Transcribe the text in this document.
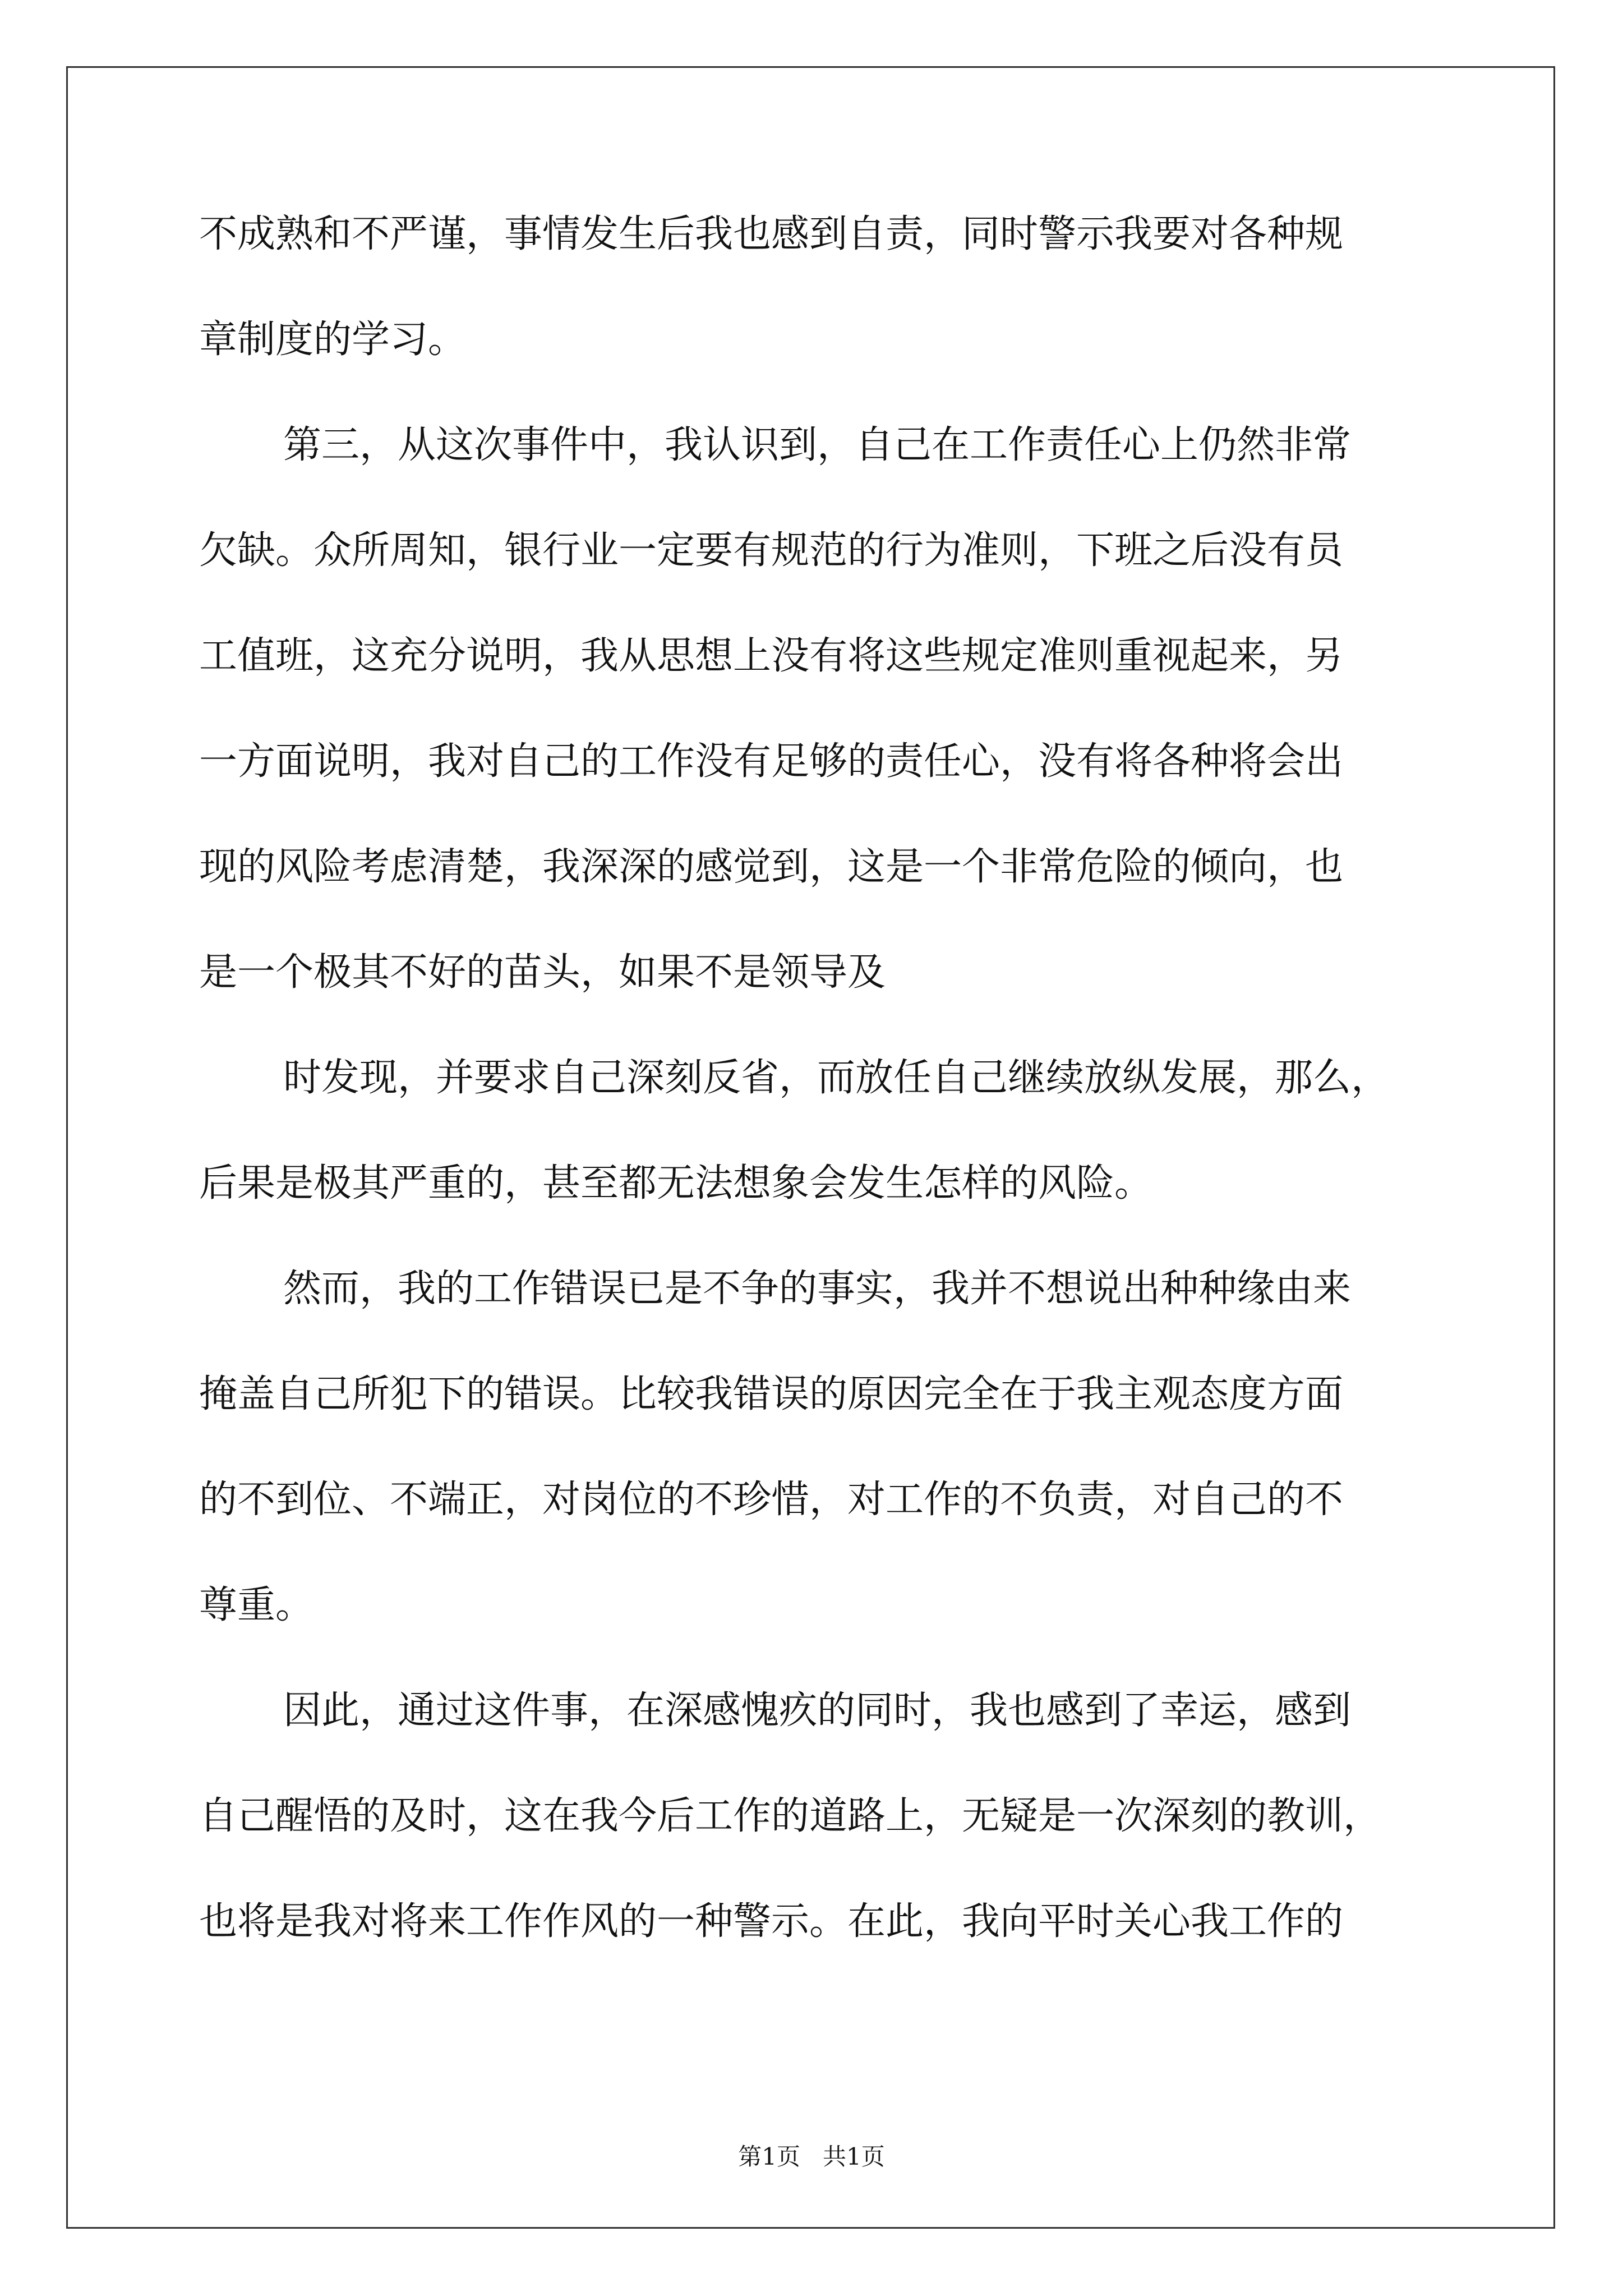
不成熟和不严谨，事情发生后我也感到自责，同时警示我要对各种规
章制度的学习。
第三，从这次事件中，我认识到，自己在工作责任心上仍然非常
欠缺。众所周知，银行业一定要有规范的行为准则，下班之后没有员
工值班，这充分说明，我从思想上没有将这些规定准则重视起来，另
一方面说明，我对自己的工作没有足够的责任心，没有将各种将会出
现的风险考虑清楚，我深深的感觉到，这是一个非常危险的倾向，也
是一个极其不好的苗头，如果不是领导及
时发现，并要求自己深刻反省，而放任自己继续放纵发展，那么，
后果是极其严重的，甚至都无法想象会发生怎样的风险。
然而，我的工作错误已是不争的事实，我并不想说出种种缘由来
掩盖自己所犯下的错误。比较我错误的原因完全在于我主观态度方面
的不到位、不端正，对岗位的不珍惜，对工作的不负责，对自己的不
尊重。
因此，通过这件事，在深感愧疚的同时，我也感到了幸运，感到
自己醒悟的及时，这在我今后工作的道路上，无疑是一次深刻的教训，
也将是我对将来工作作风的一种警示。在此，我向平时关心我工作的
第1页 共1页
